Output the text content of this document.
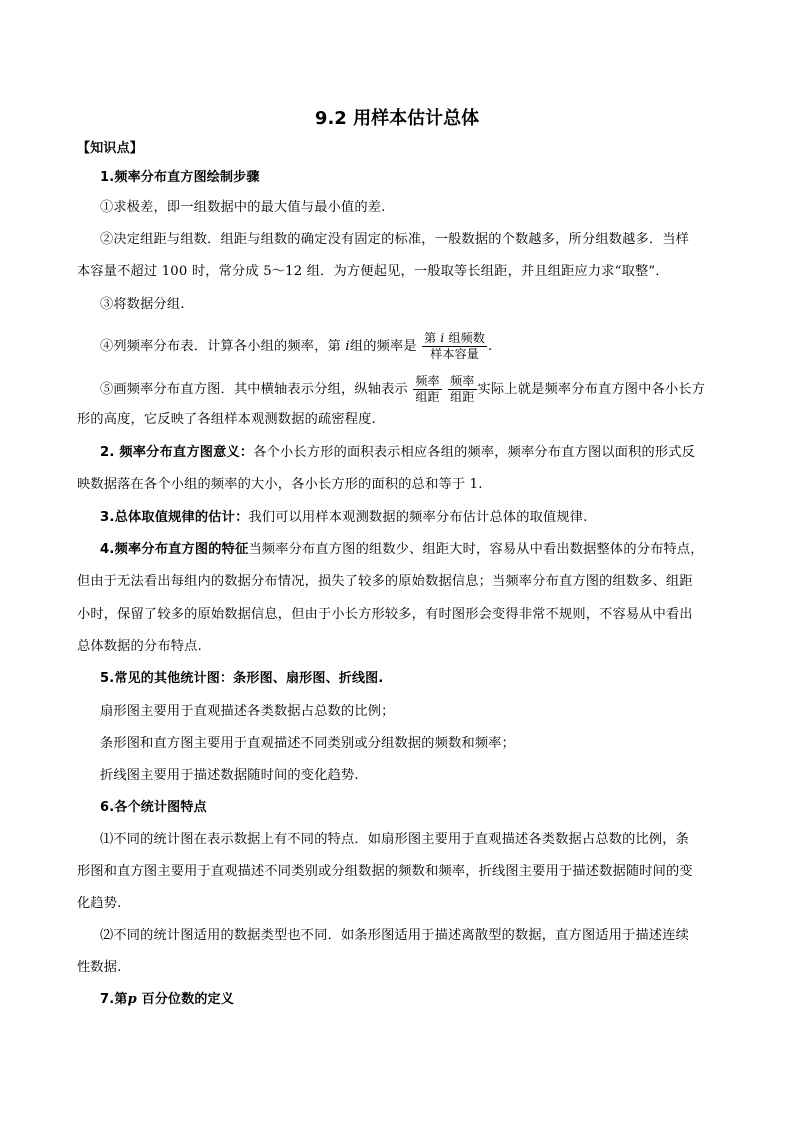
9.2 用样本估计总体
【知识点】
1.频率分布直方图绘制步骤
①求极差，即一组数据中的最大值与最小值的差.
②决定组距与组数．组距与组数的确定没有固定的标准，一般数据的个数越多，所分组数越多．当样
本容量不超过 100 时，常分成 5～12 组．为方便起见，一般取等长组距，并且组距应力求“取整”．
③将数据分组.
④列频率分布表．计算各小组的频率，第 i组的频率是 $\frac{\text{第 i 组频数}}{\text{样本容量}}$ .
⑤画频率分布直方图．其中横轴表示分组，纵轴表示 $\frac{\text{频率}}{\text{组距}}$
$\frac{\text{频率}}{\text{组距}}$ 实际上就是频率分布直方图中各小长方
形的高度，它反映了各组样本观测数据的疏密程度.
2. 频率分布直方图意义：各个小长方形的面积表示相应各组的频率，频率分布直方图以面积的形式反
映数据落在各个小组的频率的大小，各小长方形的面积的总和等于 1.
3.总体取值规律的估计：我们可以用样本观测数据的频率分布估计总体的取值规律.
4.频率分布直方图的特征当频率分布直方图的组数少、组距大时，容易从中看出数据整体的分布特点，
但由于无法看出每组内的数据分布情况，损失了较多的原始数据信息；当频率分布直方图的组数多、组距
小时，保留了较多的原始数据信息，但由于小长方形较多，有时图形会变得非常不规则，不容易从中看出
总体数据的分布特点.
5.常见的其他统计图：条形图、扇形图、折线图.
扇形图主要用于直观描述各类数据占总数的比例；
条形图和直方图主要用于直观描述不同类别或分组数据的频数和频率；
折线图主要用于描述数据随时间的变化趋势.
6.各个统计图特点
⑴不同的统计图在表示数据上有不同的特点．如扇形图主要用于直观描述各类数据占总数的比例，条
形图和直方图主要用于直观描述不同类别或分组数据的频数和频率，折线图主要用于描述数据随时间的变
化趋势.
⑵不同的统计图适用的数据类型也不同．如条形图适用于描述离散型的数据，直方图适用于描述连续
性数据.
7.第p 百分位数的定义
